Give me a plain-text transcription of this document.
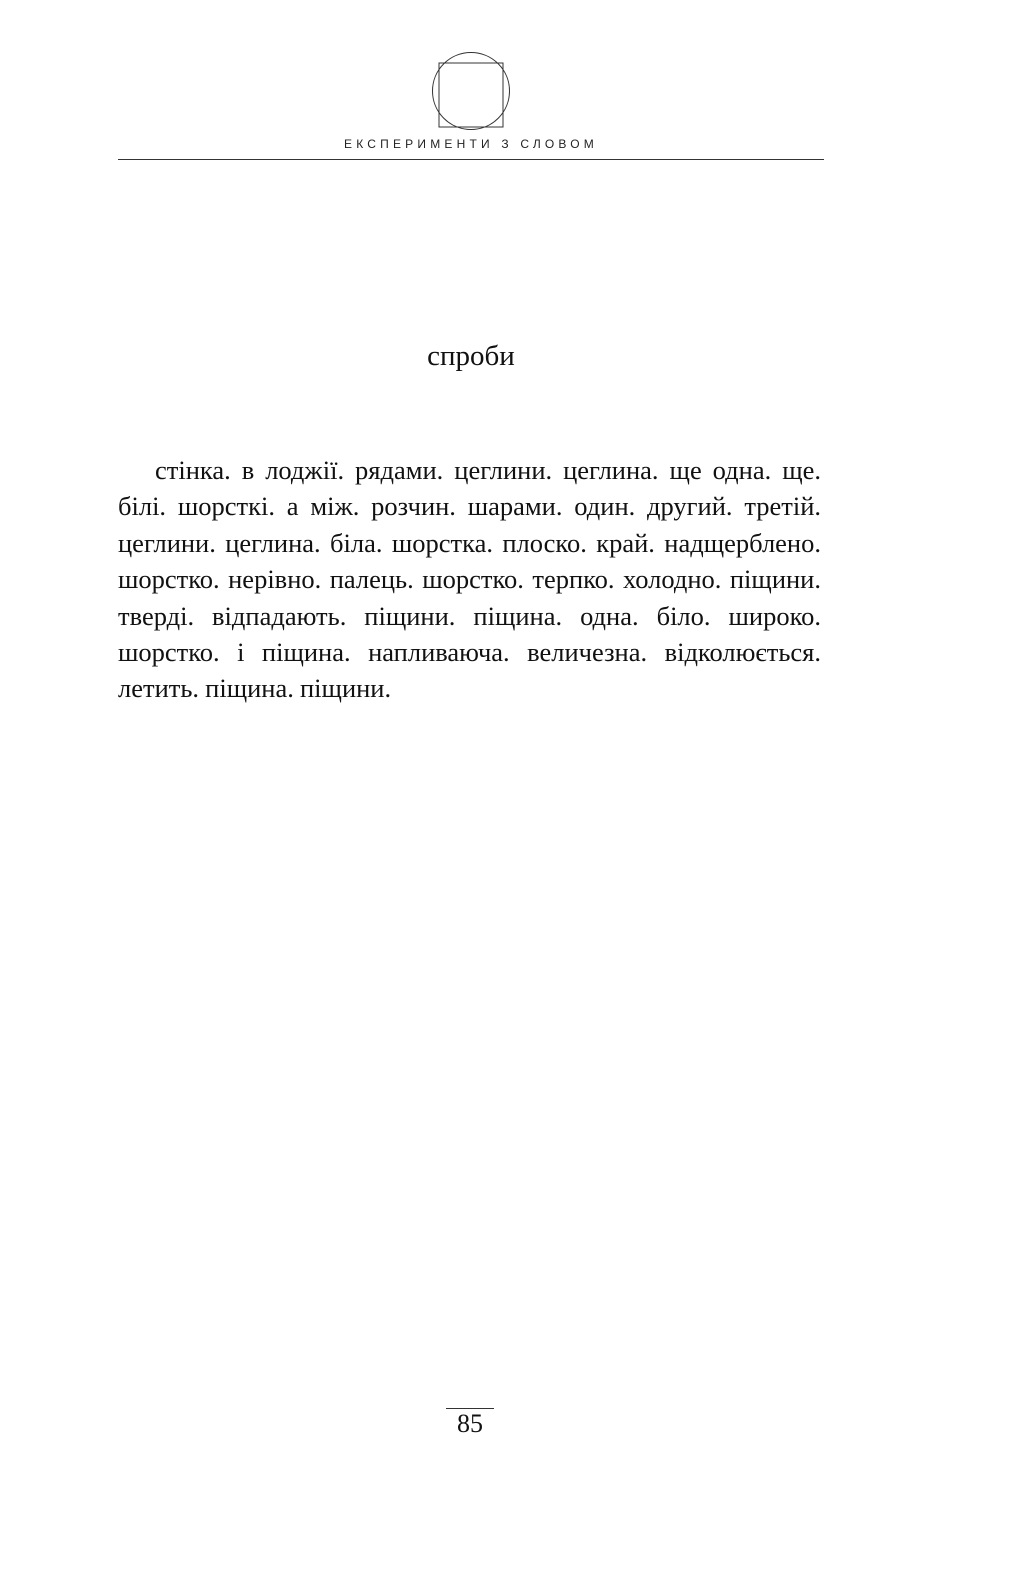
ЕКСПЕРИМЕНТИ З СЛОВОМ
спроби

стінка. в лоджії. рядами. цеглини. цеглина. ще одна. ще. білі. шорсткі. а між. розчин. шарами. один. другий. третій. цеглини. цеглина. біла. шорстка. плоско. край. надщерблено. шорстко. нерівно. палець. шорстко. терпко. холодно. піщини. тверді. відпадають. піщини. піщина. одна. біло. широко. шорстко. і піщина. напливаюча. величезна. відколюється. летить. піщина. піщини.

85
